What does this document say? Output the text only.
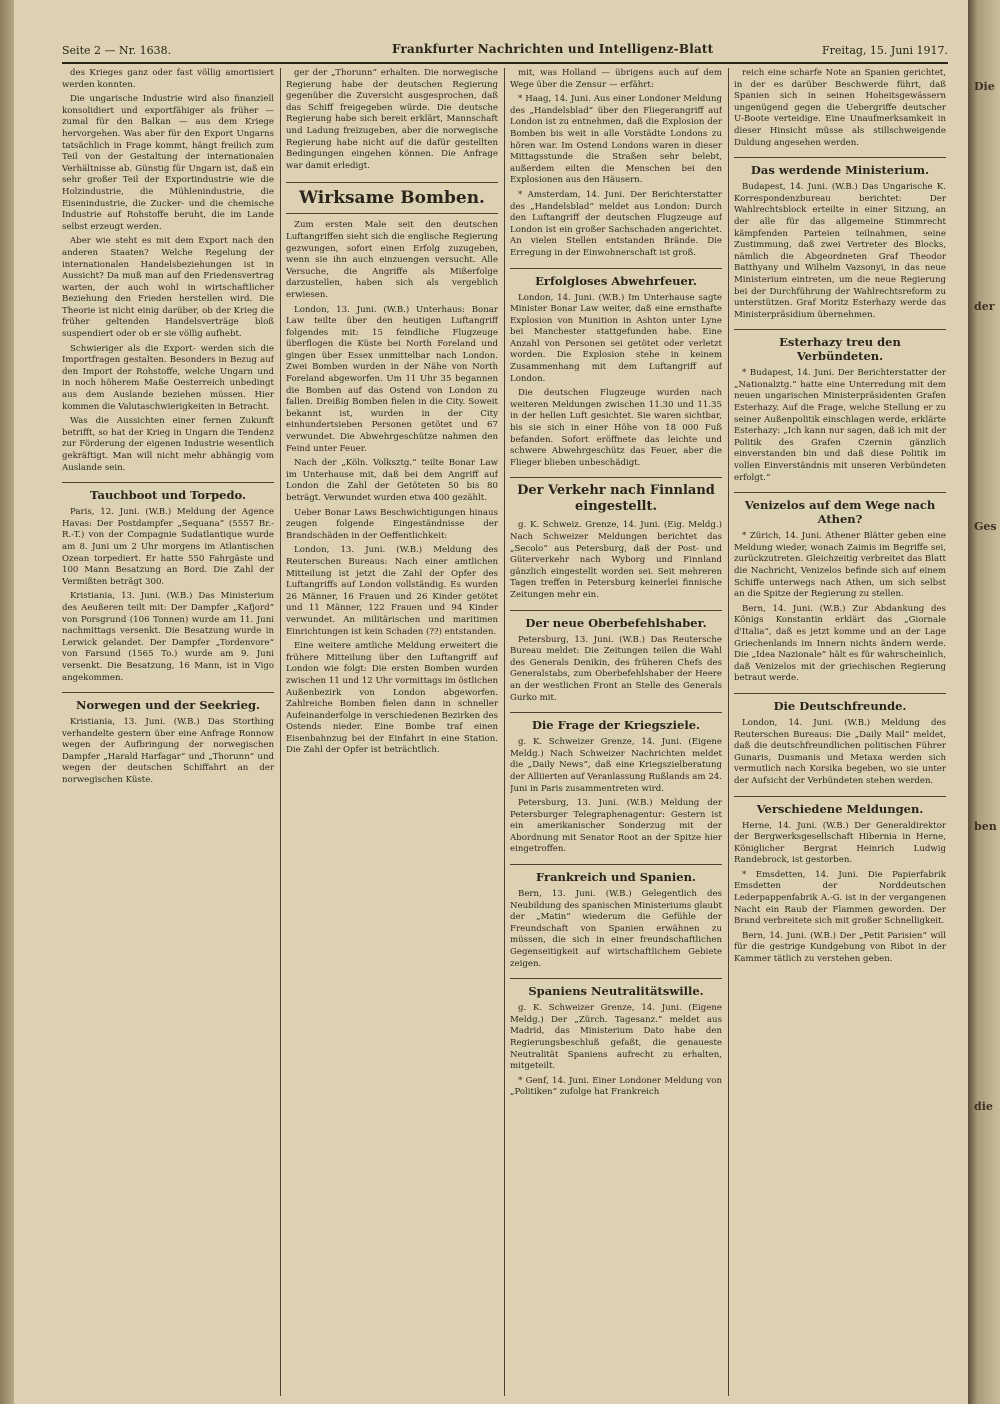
Seite 2 — Nr. 1638.	Frankfurter Nachrichten und Intelligenz-Blatt	Freitag, 15. Juni 1917.

des Krieges ganz oder fast völlig amortisiert werden konnten.

Die ungarische Industrie wird also finanziell konsolidiert und exportfähiger als früher — zumal für den Balkan — aus dem Kriege hervorgehen. Was aber für den Export Ungarns tatsächlich in Frage kommt, hängt freilich zum Teil von der Gestaltung der internationalen Verhältnisse ab. Günstig für Ungarn ist, daß ein sehr großer Teil der Exportindustrie wie die Holzindustrie, die Mühlenindustrie, die Eisenindustrie, die Zucker- und die chemische Industrie auf Rohstoffe beruht, die im Lande selbst erzeugt werden.

Aber wie steht es mit dem Export nach den anderen Staaten? Welche Regelung der internationalen Handelsbeziehungen ist in Aussicht? Da muß man auf den Friedensvertrag warten, der auch wohl in wirtschaftlicher Beziehung den Frieden herstellen wird. Die Theorie ist nicht einig darüber, ob der Krieg die früher geltenden Handelsverträge bloß suspendiert oder ob er sie völlig aufhebt.

Schwieriger als die Export- werden sich die Importfragen gestalten. Besonders in Bezug auf den Import der Rohstoffe, welche Ungarn und in noch höherem Maße Oesterreich unbedingt aus dem Auslande beziehen müssen. Hier kommen die Valutaschwierigkeiten in Betracht.

Was die Aussichten einer fernen Zukunft betrifft, so hat der Krieg in Ungarn die Tendenz zur Förderung der eigenen Industrie wesentlich gekräftigt. Man will nicht mehr abhängig vom Auslande sein.

Tauchboot und Torpedo.

Paris, 12. Juni. (W.B.) Meldung der Agence Havas: Der Postdampfer „Sequana“ (5557 Br.-R.-T.) von der Compagnie Sudatlantique wurde am 8. Juni um 2 Uhr morgens im Atlantischen Ozean torpediert. Er hatte 550 Fahrgäste und 100 Mann Besatzung an Bord. Die Zahl der Vermißten beträgt 300.

Kristiania, 13. Juni. (W.B.) Das Ministerium des Aeußeren teilt mit: Der Dampfer „Kafjord“ von Porsgrund (106 Tonnen) wurde am 11. Juni nachmittags versenkt. Die Besatzung wurde in Lerwick gelandet. Der Dampfer „Tordenvore“ von Farsund (1565 To.) wurde am 9. Juni versenkt. Die Besatzung, 16 Mann, ist in Vigo angekommen.

Norwegen und der Seekrieg.

Kristiania, 13. Juni. (W.B.) Das Storthing verhandelte gestern über eine Anfrage Ronnow wegen der Aufbringung der norwegischen Dampfer „Harald Harfagar“ und „Thorunn“ und wegen der deutschen Schiffahrt an der norwegischen Küste.

ger der „Thorunn“ erhalten. Die norwegische Regierung habe der deutschen Regierung gegenüber die Zuversicht ausgesprochen, daß das Schiff freigegeben würde. Die deutsche Regierung habe sich bereit erklärt, Mannschaft und Ladung freizugeben, aber die norwegische Regierung habe nicht auf die dafür gestellten Bedingungen eingehen können. Die Anfrage war damit erledigt.

Wirksame Bomben.

Zum ersten Male seit den deutschen Luftangriffen sieht sich die englische Regierung gezwungen, sofort einen Erfolg zuzugeben, wenn sie ihn auch einzuengen versucht. Alle Versuche, die Angriffe als Mißerfolge darzustellen, haben sich als vergeblich erwiesen.

London, 13. Juni. (W.B.) Unterhaus: Bonar Law teilte über den heutigen Luftangriff folgendes mit: 15 feindliche Flugzeuge überflogen die Küste bei North Foreland und gingen über Essex unmittelbar nach London. Zwei Bomben wurden in der Nähe von North Foreland abgeworfen. Um 11 Uhr 35 begannen die Bomben auf das Ostend von London zu fallen. Dreißig Bomben fielen in die City. Soweit bekannt ist, wurden in der City einhundertsieben Personen getötet und 67 verwundet. Die Abwehrgeschütze nahmen den Feind unter Feuer.

Nach der „Köln. Volksztg.“ teilte Bonar Law im Unterhause mit, daß bei dem Angriff auf London die Zahl der Getöteten 50 bis 80 beträgt. Verwundet wurden etwa 400 gezählt.

Ueber Bonar Laws Beschwichtigungen hinaus zeugen folgende Eingeständnisse der Brandschäden in der Oeffentlichkeit:

London, 13. Juni. (W.B.) Meldung des Reuterschen Bureaus: Nach einer amtlichen Mitteilung ist jetzt die Zahl der Opfer des Luftangriffs auf London vollständig. Es wurden 26 Männer, 16 Frauen und 26 Kinder getötet und 11 Männer, 122 Frauen und 94 Kinder verwundet. An militärischen und maritimen Einrichtungen ist kein Schaden (??) entstanden.

Eine weitere amtliche Meldung erweitert die frühere Mitteilung über den Luftangriff auf London wie folgt: Die ersten Bomben wurden zwischen 11 und 12 Uhr vormittags im östlichen Außenbezirk von London abgeworfen. Zahlreiche Bomben fielen dann in schneller Aufeinanderfolge in verschiedenen Bezirken des Ostends nieder. Eine Bombe traf einen Eisenbahnzug bei der Einfahrt in eine Station. Die Zahl der Opfer ist beträchtlich.

mit, was Holland — übrigens auch auf dem Wege über die Zensur — erfährt:

* Haag, 14. Juni. Aus einer Londoner Meldung des „Handelsblad“ über den Fliegerangriff auf London ist zu entnehmen, daß die Explosion der Bomben bis weit in alle Vorstädte Londons zu hören war. Im Ostend Londons waren in dieser Mittagsstunde die Straßen sehr belebt, außerdem eilten die Menschen bei den Explosionen aus den Häusern.

* Amsterdam, 14. Juni. Der Berichterstatter des „Handelsblad“ meldet aus London: Durch den Luftangriff der deutschen Flugzeuge auf London ist ein großer Sachschaden angerichtet. An vielen Stellen entstanden Brände. Die Erregung in der Einwohnerschaft ist groß.

Erfolgloses Abwehrfeuer.

London, 14. Juni. (W.B.) Im Unterhause sagte Minister Bonar Law weiter, daß eine ernsthafte Explosion von Munition in Ashton unter Lyne bei Manchester stattgefunden habe. Eine Anzahl von Personen sei getötet oder verletzt worden. Die Explosion stehe in keinem Zusammenhang mit dem Luftangriff auf London.

Die deutschen Flugzeuge wurden nach weiteren Meldungen zwischen 11.30 und 11.35 in der hellen Luft gesichtet. Sie waren sichtbar, bis sie sich in einer Höhe von 18 000 Fuß befanden. Sofort eröffnete das leichte und schwere Abwehrgeschütz das Feuer, aber die Flieger blieben unbeschädigt.

Der Verkehr nach Finnland eingestellt.

g. K. Schweiz. Grenze, 14. Juni. (Eig. Meldg.) Nach Schweizer Meldungen berichtet das „Secolo“ aus Petersburg, daß der Post- und Güterverkehr nach Wyborg und Finnland gänzlich eingestellt worden sei. Seit mehreren Tagen treffen in Petersburg keinerlei finnische Zeitungen mehr ein.

Der neue Oberbefehlshaber.

Petersburg, 13. Juni. (W.B.) Das Reutersche Bureau meldet: Die Zeitungen teilen die Wahl des Generals Denikin, des früheren Chefs des Generalstabs, zum Oberbefehlshaber der Heere an der westlichen Front an Stelle des Generals Gurko mit.

Die Frage der Kriegsziele.

g. K. Schweizer Grenze, 14. Juni. (Eigene Meldg.) Nach Schweizer Nachrichten meldet die „Daily News“, daß eine Kriegszielberatung der Alliierten auf Veranlassung Rußlands am 24. Juni in Paris zusammentreten wird.

Petersburg, 13. Juni. (W.B.) Meldung der Petersburger Telegraphenagentur: Gestern ist ein amerikanischer Sonderzug mit der Abordnung mit Senator Root an der Spitze hier eingetroffen.

Frankreich und Spanien.

Bern, 13. Juni. (W.B.) Gelegentlich des Neubildung des spanischen Ministeriums glaubt der „Matin“ wiederum die Gefühle der Freundschaft von Spanien erwähnen zu müssen, die sich in einer freundschaftlichen Gegenseitigkeit auf wirtschaftlichem Gebiete zeigen.

Spaniens Neutralitätswille.

g. K. Schweizer Grenze, 14. Juni. (Eigene Meldg.) Der „Zürch. Tagesanz.“ meldet aus Madrid, das Ministerium Dato habe den Regierungsbeschluß gefaßt, die genaueste Neutralität Spaniens aufrecht zu erhalten, mitgeteilt.

* Genf, 14. Juni. Einer Londoner Meldung von „Politiken“ zufolge hat Frankreich

reich eine scharfe Note an Spanien gerichtet, in der es darüber Beschwerde führt, daß Spanien sich in seinen Hoheitsgewässern ungenügend gegen die Uebergriffe deutscher U-Boote verteidige. Eine Unaufmerksamkeit in dieser Hinsicht müsse als stillschweigende Duldung angesehen werden.

Das werdende Ministerium.

Budapest, 14. Juni. (W.B.) Das Ungarische K. Korrespondenzbureau berichtet: Der Wahlrechtsblock erteilte in einer Sitzung, an der alle für das allgemeine Stimmrecht kämpfenden Parteien teilnahmen, seine Zustimmung, daß zwei Vertreter des Blocks, nämlich die Abgeordneten Graf Theodor Batthyany und Wilhelm Vazsonyi, in das neue Ministerium eintreten, um die neue Regierung bei der Durchführung der Wahlrechtsreform zu unterstützen. Graf Moritz Esterhazy werde das Ministerpräsidium übernehmen.

Esterhazy treu den Verbündeten.

* Budapest, 14. Juni. Der Berichterstatter der „Nationalztg.“ hatte eine Unterredung mit dem neuen ungarischen Ministerpräsidenten Grafen Esterhazy. Auf die Frage, welche Stellung er zu seiner Außenpolitik einschlagen werde, erklärte Esterhazy: „Ich kann nur sagen, daß ich mit der Politik des Grafen Czernin gänzlich einverstanden bin und daß diese Politik im vollen Einverständnis mit unseren Verbündeten erfolgt.“

Venizelos auf dem Wege nach Athen?

* Zürich, 14. Juni. Athener Blätter geben eine Meldung wieder, wonach Zaimis im Begriffe sei, zurückzutreten. Gleichzeitig verbreitet das Blatt die Nachricht, Venizelos befinde sich auf einem Schiffe unterwegs nach Athen, um sich selbst an die Spitze der Regierung zu stellen.

Bern, 14. Juni. (W.B.) Zur Abdankung des Königs Konstantin erklärt das „Giornale d'Italia“, daß es jetzt komme und an der Lage Griechenlands im Innern nichts ändern werde. Die „Idea Nazionale“ hält es für wahrscheinlich, daß Venizelos mit der griechischen Regierung betraut werde.

Die Deutschfreunde.

London, 14. Juni. (W.B.) Meldung des Reuterschen Bureaus: Die „Daily Mail“ meldet, daß die deutschfreundlichen politischen Führer Gunaris, Dusmanis und Metaxa werden sich vermutlich nach Korsika begeben, wo sie unter der Aufsicht der Verbündeten stehen werden.

Verschiedene Meldungen.

Herne, 14. Juni. (W.B.) Der Generaldirektor der Bergwerksgesellschaft Hibernia in Herne, Königlicher Bergrat Heinrich Ludwig Randebrock, ist gestorben.

* Emsdetten, 14. Juni. Die Papierfabrik Emsdetten der Norddeutschen Lederpappenfabrik A.-G. ist in der vergangenen Nacht ein Raub der Flammen geworden. Der Brand verbreitete sich mit großer Schnelligkeit.

Bern, 14. Juni. (W.B.) Der „Petit Parisien“ will für die gestrige Kundgebung von Ribot in der Kammer tätlich zu verstehen geben.

Die
der
Ges
ben
die
